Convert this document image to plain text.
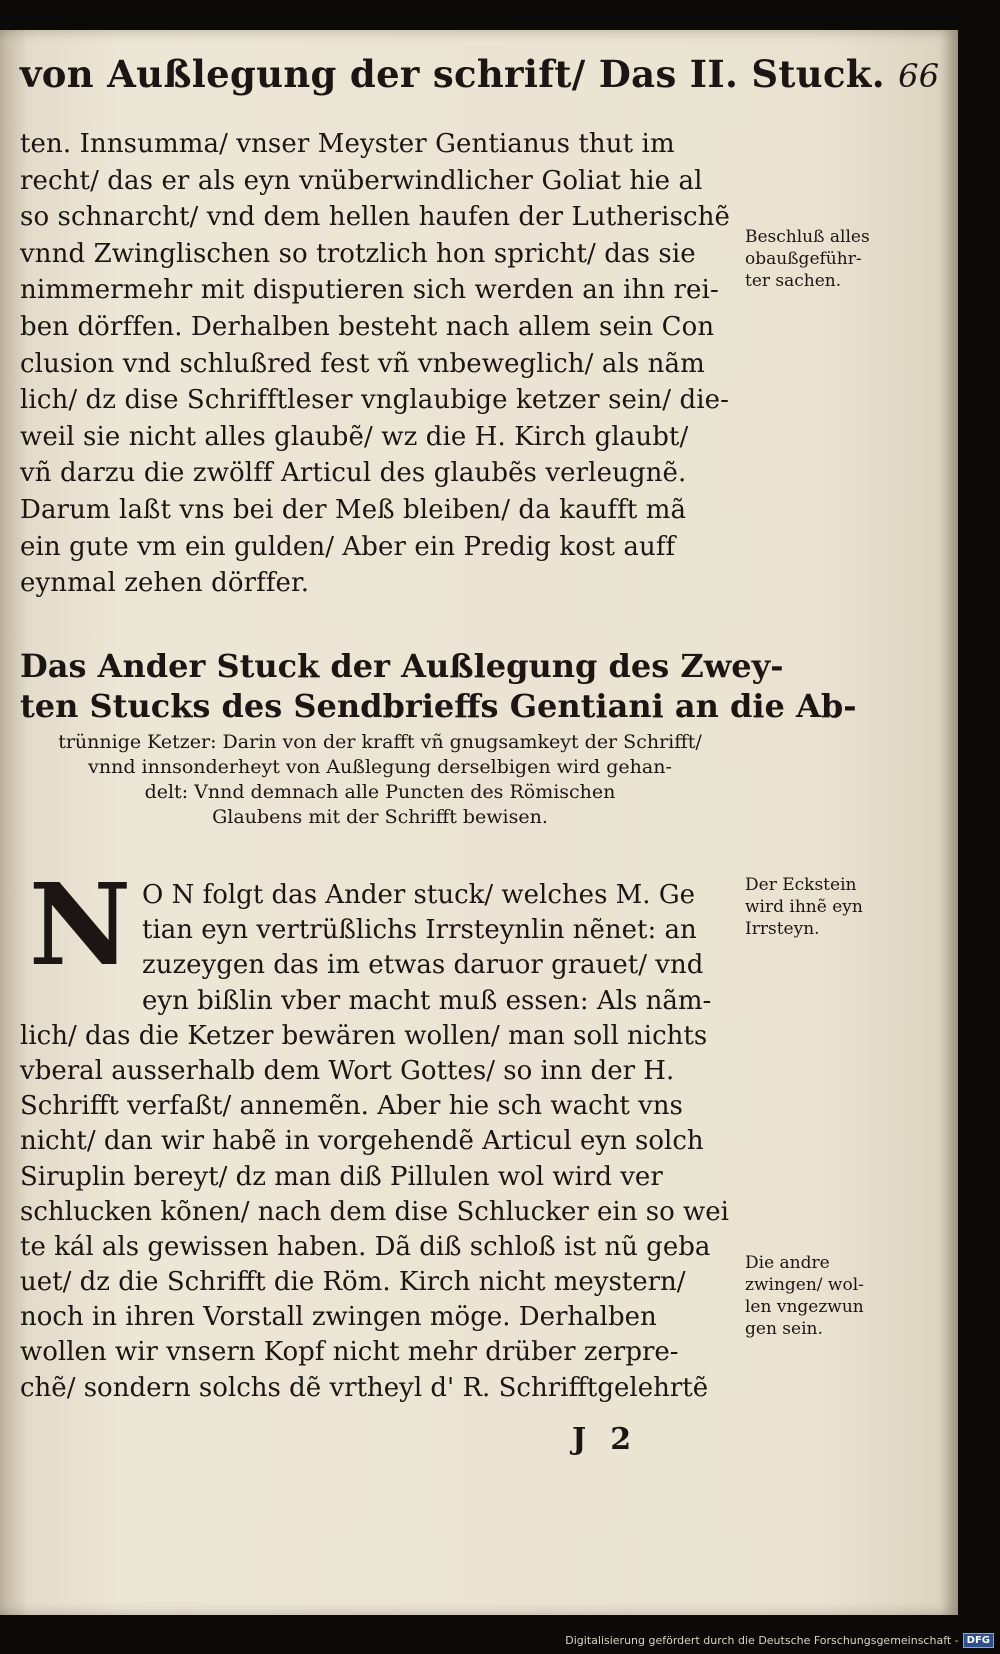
von Außlegung der schrift/ Das II. Stuck. 66
ten. Innsumma/ vnser Meyster Gentianus thut im
recht/ das er als eyn vnüberwindlicher Goliat hie al
so schnarcht/ vnd dem hellen haufen der Lutherischẽ
vnnd Zwinglischen so trotzlich hon spricht/ das sie
nimmermehr mit disputieren sich werden an ihn rei-
ben dörffen. Derhalben besteht nach allem sein Con
clusion vnd schlußred fest vñ vnbeweglich/ als nãm
lich/ dz dise Schrifftleser vnglaubige ketzer sein/ die-
weil sie nicht alles glaubẽ/ wz die H. Kirch glaubt/
vñ darzu die zwölff Articul des glaubẽs verleugnẽ.
Darum laßt vns bei der Meß bleiben/ da kaufft mã
ein gute vm ein gulden/ Aber ein Predig kost auff
eynmal zehen dörffer.
Beschluß alles
obaußgeführ-
ter sachen.
Das Ander Stuck der Außlegung des Zwey-
ten Stucks des Sendbrieffs Gentiani an die Ab-
trünnige Ketzer: Darin von der krafft vñ gnugsamkeyt der Schrifft/
vnnd innsonderheyt von Außlegung derselbigen wird gehan-
delt: Vnnd demnach alle Puncten des Römischen
Glaubens mit der Schrifft bewisen.
N O N folgt das Ander stuck/ welches M. Ge
tian eyn vertrüßlichs Irrsteynlin nẽnet: an
zuzeygen das im etwas daruor grauet/ vnd
eyn bißlin vber macht muß essen: Als nãm-
lich/ das die Ketzer bewären wollen/ man soll nichts
vberal ausserhalb dem Wort Gottes/ so inn der H.
Schrifft verfaßt/ annemẽn. Aber hie sch wacht vns
nicht/ dan wir habẽ in vorgehendẽ Articul eyn solch
Siruplin bereyt/ dz man diß Pillulen wol wird ver
schlucken kõnen/ nach dem dise Schlucker ein so wei
te kál als gewissen haben. Dã diß schloß ist nũ geba
uet/ dz die Schrifft die Röm. Kirch nicht meystern/
noch in ihren Vorstall zwingen möge. Derhalben
wollen wir vnsern Kopf nicht mehr drüber zerpre-
chẽ/ sondern solchs dẽ vrtheyl d' R. Schrifftgelehrtẽ
Der Eckstein
wird ihnẽ eyn
Irrsteyn.
Die andre
zwingen/ wol-
len vngezwun
gen sein.
J2
Digitalisierung gefördert durch die Deutsche Forschungsgemeinschaft - DFG
